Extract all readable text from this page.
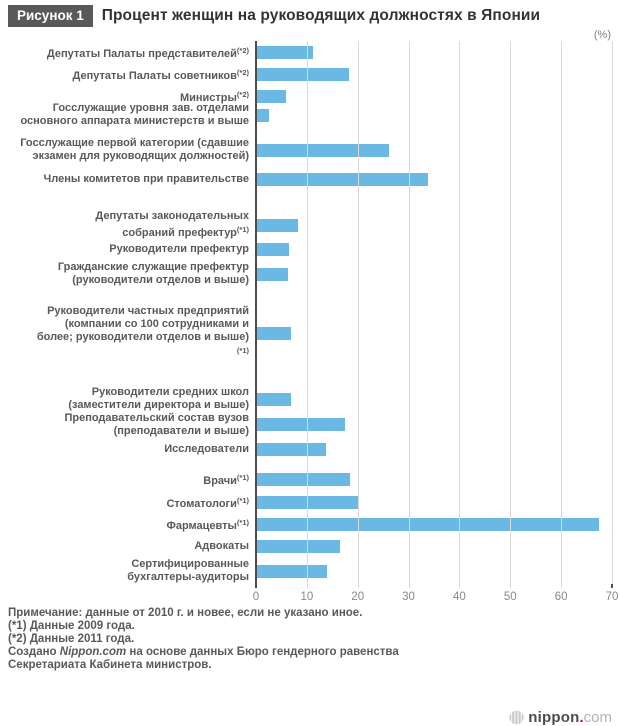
Рисунок 1	Процент женщин на руководящих должностях в Японии
(%)
Депутаты Палаты представителей$^{(*2)}$
Депутаты Палаты советников$^{(*2)}$
Министры$^{(*2)}$
Госслужащие уровня зав. отделами
основного аппарата министерств и выше
Госслужащие первой категории (сдавшие
экзамен для руководящих должностей)
Члены комитетов при правительстве
Депутаты законодательных
собраний префектур$^{(*1)}$
Руководители префектур
Гражданские служащие префектур
(руководители отделов и выше)
Руководители частных предприятий
(компании со 100 сотрудниками и
более; руководители отделов и выше)
$^{(*1)}$
Руководители средних школ
(заместители директора и выше)
Преподавательский состав вузов
(преподаватели и выше)
Исследователи
Врачи$^{(*1)}$
Стоматологи$^{(*1)}$
Фармацевты$^{(*1)}$
Адвокаты
Сертифицированные
бухгалтеры-аудиторы
0	10	20	30	40	50	60	70
Примечание: данные от 2010 г. и новее, если не указано иное.
(*1) Данные 2009 года.
(*2) Данные 2011 года.
Создано Nippon.com на основе данных Бюро гендерного равенства Секретариата Кабинета министров.
nippon.com
